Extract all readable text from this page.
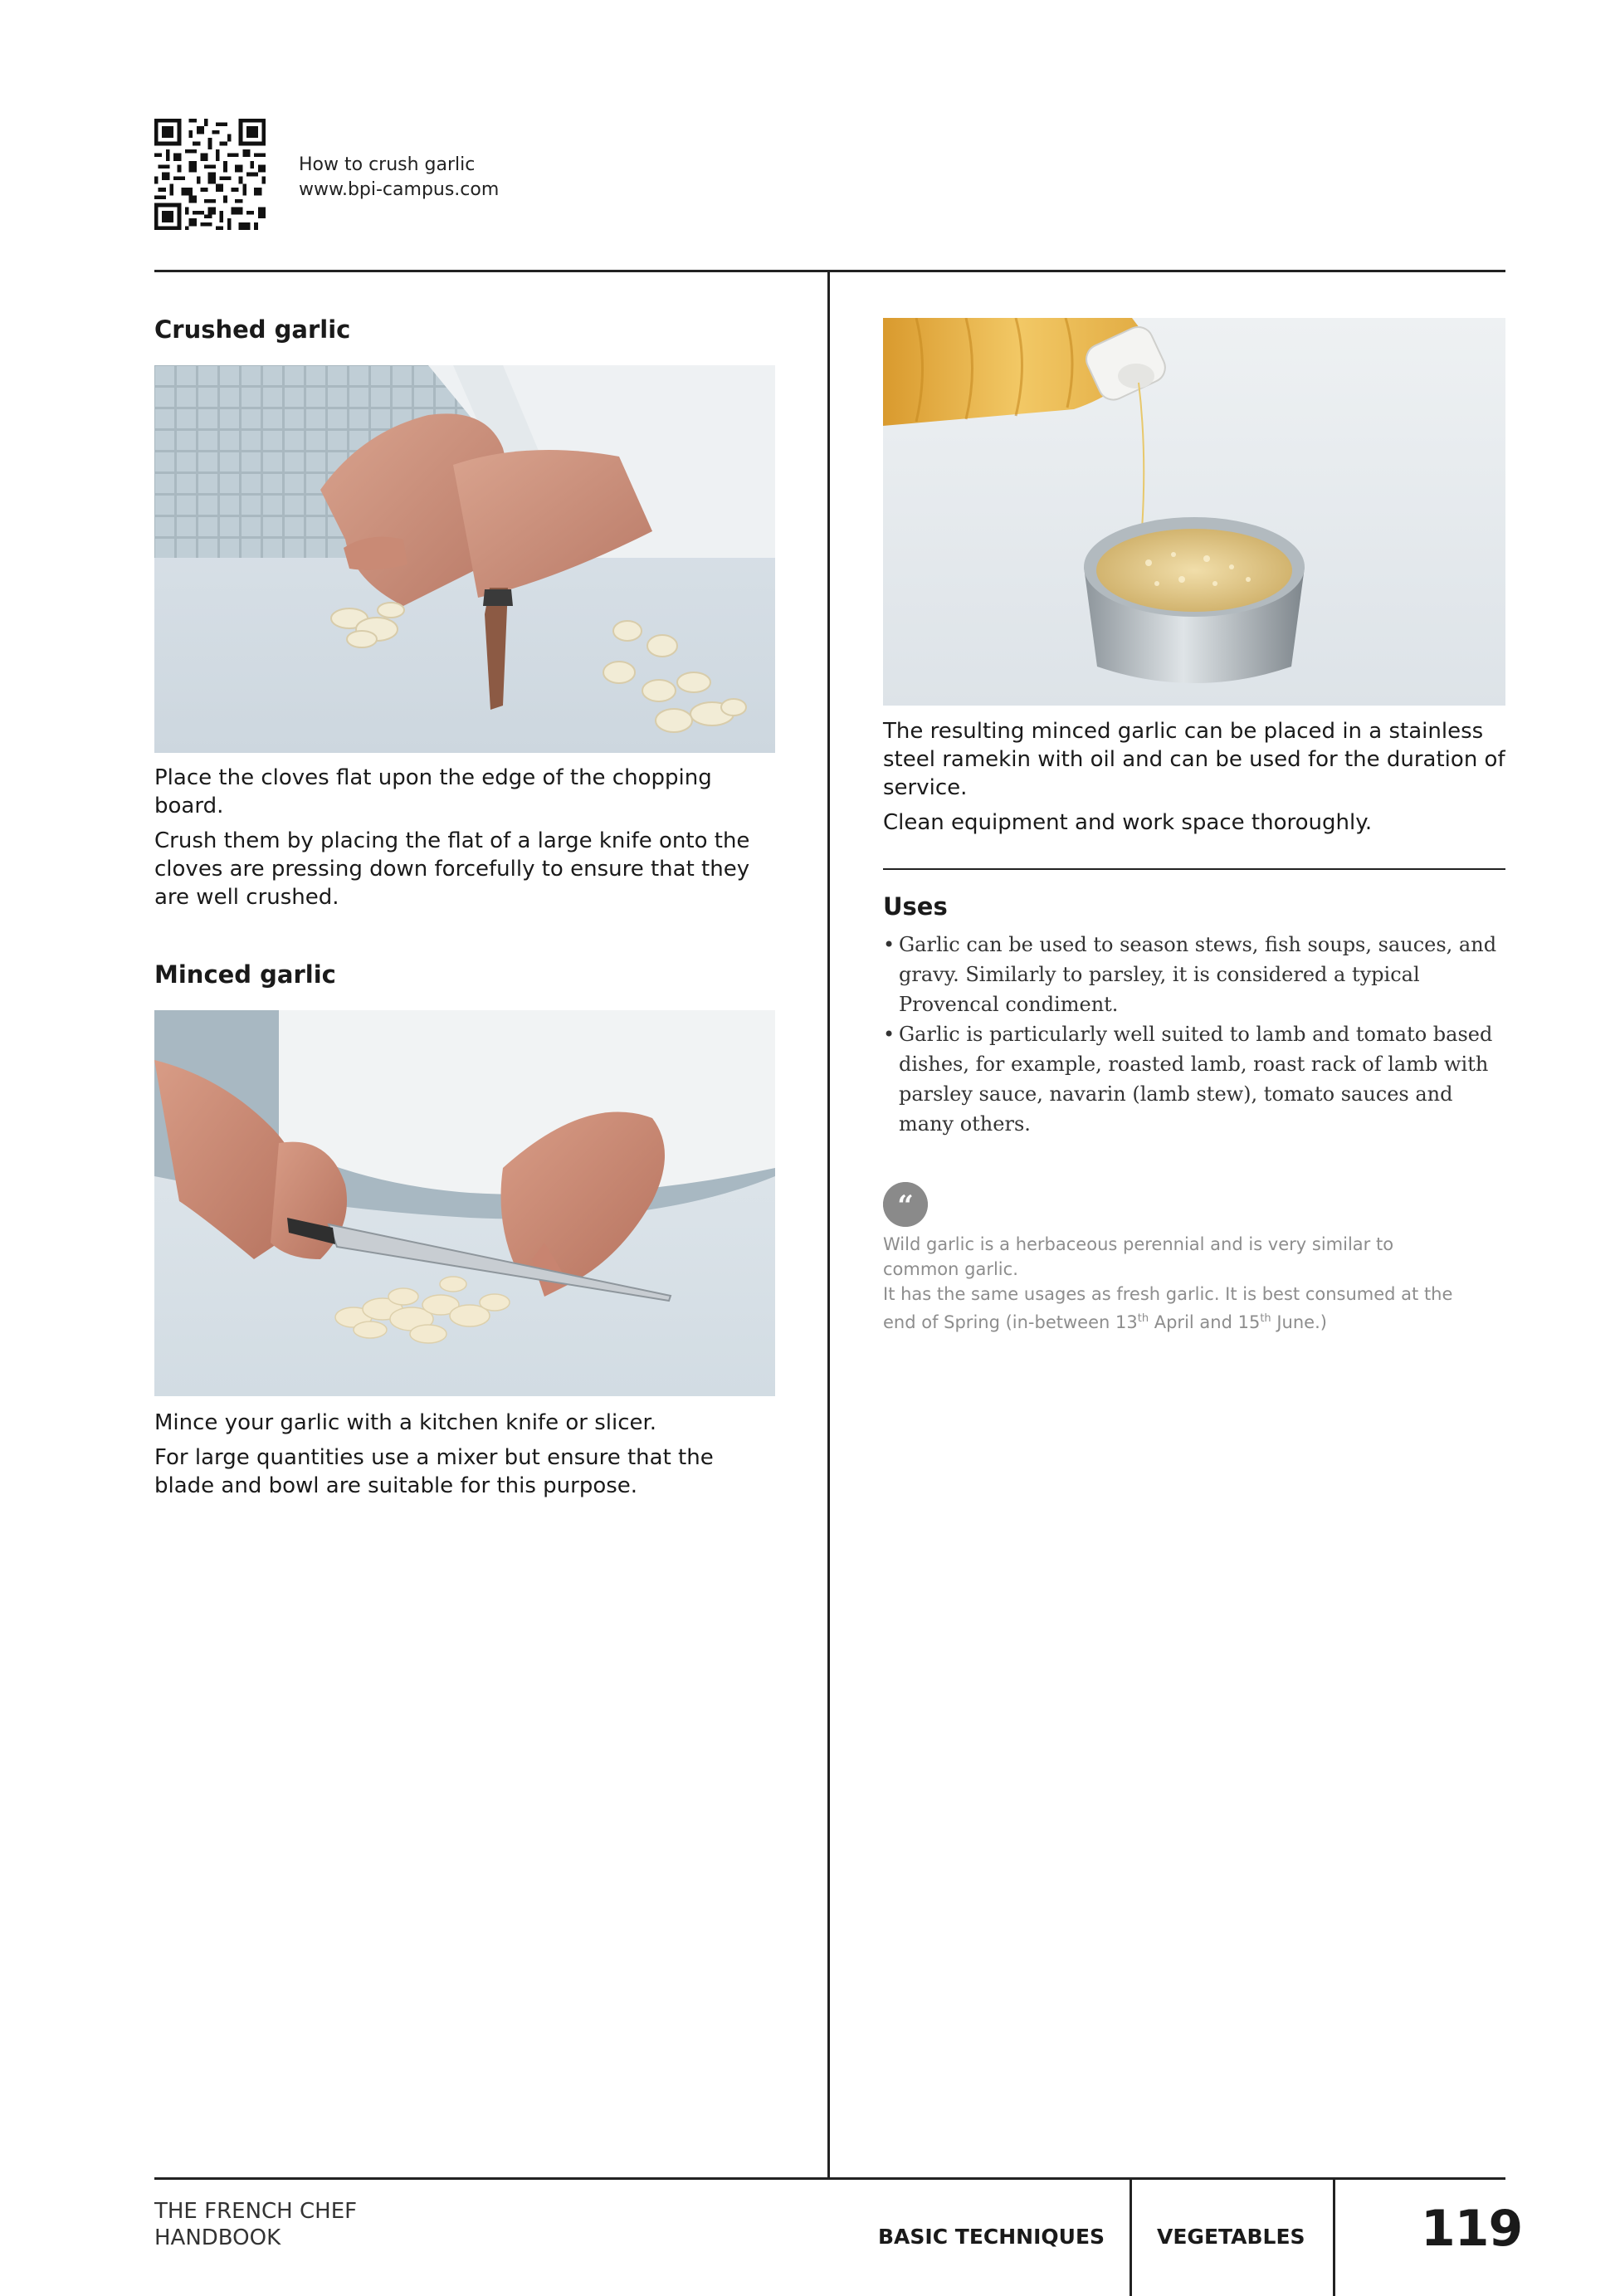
How to crush garlic
www.bpi-campus.com
Crushed garlic

Place the cloves flat upon the edge of the chopping board.

Crush them by placing the flat of a large knife onto the cloves are pressing down forcefully to ensure that they are well crushed.

Minced garlic

Mince your garlic with a kitchen knife or slicer.

For large quantities use a mixer but ensure that the blade and bowl are suitable for this purpose.

The resulting minced garlic can be placed in a stainless steel ramekin with oil and can be used for the duration of service.

Clean equipment and work space thoroughly.

Uses
• Garlic can be used to season stews, fish soups, sauces, and gravy. Similarly to parsley, it is considered a typical Provencal condiment.
• Garlic is particularly well suited to lamb and tomato based dishes, for example, roasted lamb, roast rack of lamb with parsley sauce, navarin (lamb stew), tomato sauces and many others.
“
Wild garlic is a herbaceous perennial and is very similar to common garlic.
It has the same usages as fresh garlic. It is best consumed at the end of Spring (in-between 13th April and 15th June.)
THE FRENCH CHEF
HANDBOOK	BASIC TECHNIQUES	VEGETABLES 119
